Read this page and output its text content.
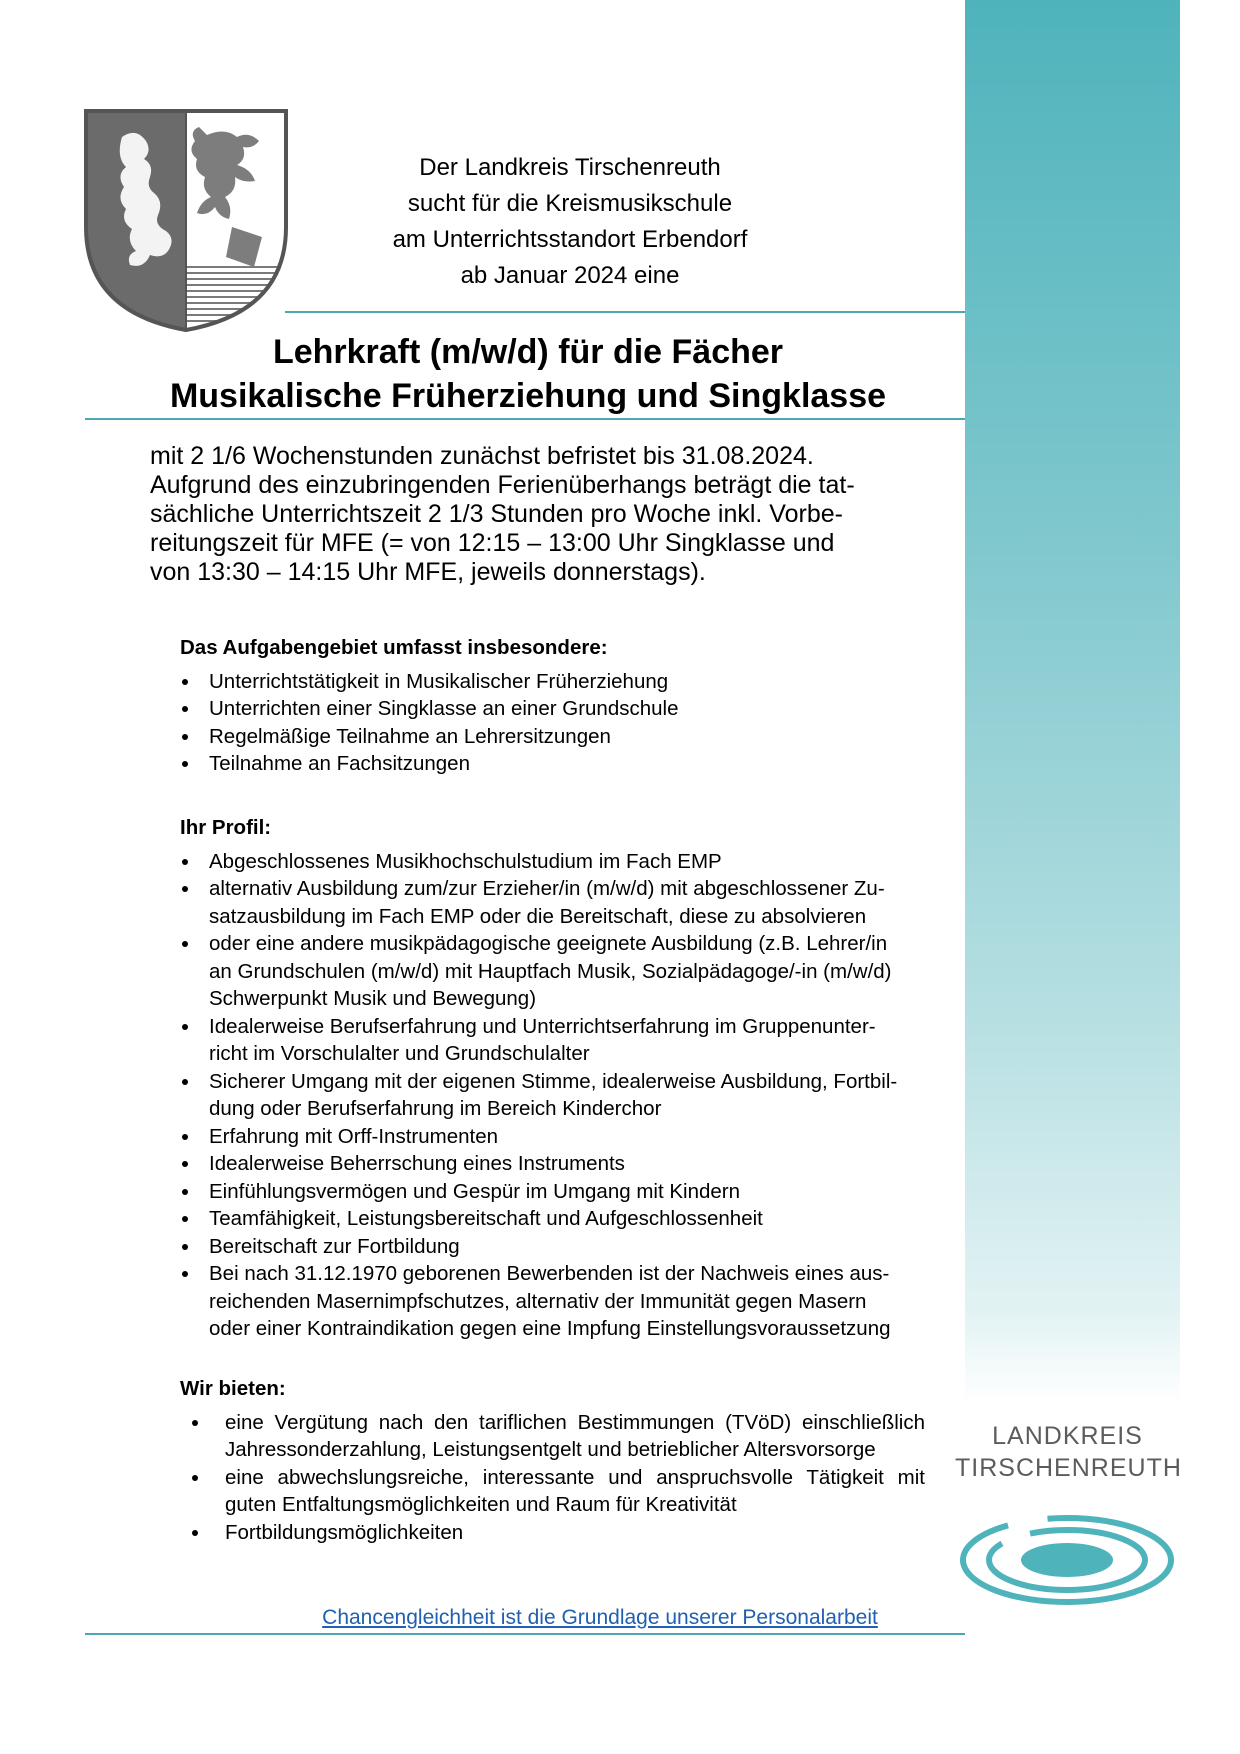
Der Landkreis Tirschenreuth
sucht für die Kreismusikschule
am Unterrichtsstandort Erbendorf
ab Januar 2024 eine
Lehrkraft (m/w/d) für die Fächer
Musikalische Früherziehung und Singklasse
mit 2 1/6 Wochenstunden zunächst befristet bis 31.08.2024.
Aufgrund des einzubringenden Ferienüberhangs beträgt die tat-
sächliche Unterrichtszeit 2 1/3 Stunden pro Woche inkl. Vorbe-
reitungszeit für MFE (= von 12:15 – 13:00 Uhr Singklasse und
von 13:30 – 14:15 Uhr MFE, jeweils donnerstags).
Das Aufgabengebiet umfasst insbesondere:
Unterrichtstätigkeit in Musikalischer Früherziehung
Unterrichten einer Singklasse an einer Grundschule
Regelmäßige Teilnahme an Lehrersitzungen
Teilnahme an Fachsitzungen
Ihr Profil:
Abgeschlossenes Musikhochschulstudium im Fach EMP
alternativ Ausbildung zum/zur Erzieher/in (m/w/d) mit abgeschlossener Zu-
satzausbildung im Fach EMP oder die Bereitschaft, diese zu absolvieren
oder eine andere musikpädagogische geeignete Ausbildung (z.B. Lehrer/in
an Grundschulen (m/w/d) mit Hauptfach Musik, Sozialpädagoge/-in (m/w/d)
Schwerpunkt Musik und Bewegung)
Idealerweise Berufserfahrung und Unterrichtserfahrung im Gruppenunter-
richt im Vorschulalter und Grundschulalter
Sicherer Umgang mit der eigenen Stimme, idealerweise Ausbildung, Fortbil-
dung oder Berufserfahrung im Bereich Kinderchor
Erfahrung mit Orff-Instrumenten
Idealerweise Beherrschung eines Instruments
Einfühlungsvermögen und Gespür im Umgang mit Kindern
Teamfähigkeit, Leistungsbereitschaft und Aufgeschlossenheit
Bereitschaft zur Fortbildung
Bei nach 31.12.1970 geborenen Bewerbenden ist der Nachweis eines aus-
reichenden Masernimpfschutzes, alternativ der Immunität gegen Masern
oder einer Kontraindikation gegen eine Impfung Einstellungsvoraussetzung
Wir bieten:
eine Vergütung nach den tariflichen Bestimmungen (TVöD) einschließlich Jahressonderzahlung, Leistungsentgelt und betrieblicher Altersvorsorge
eine abwechslungsreiche, interessante und anspruchsvolle Tätigkeit mit guten Entfaltungsmöglichkeiten und Raum für Kreativität
Fortbildungsmöglichkeiten
Chancengleichheit ist die Grundlage unserer Personalarbeit
LANDKREIS
TIRSCHENREUTH
